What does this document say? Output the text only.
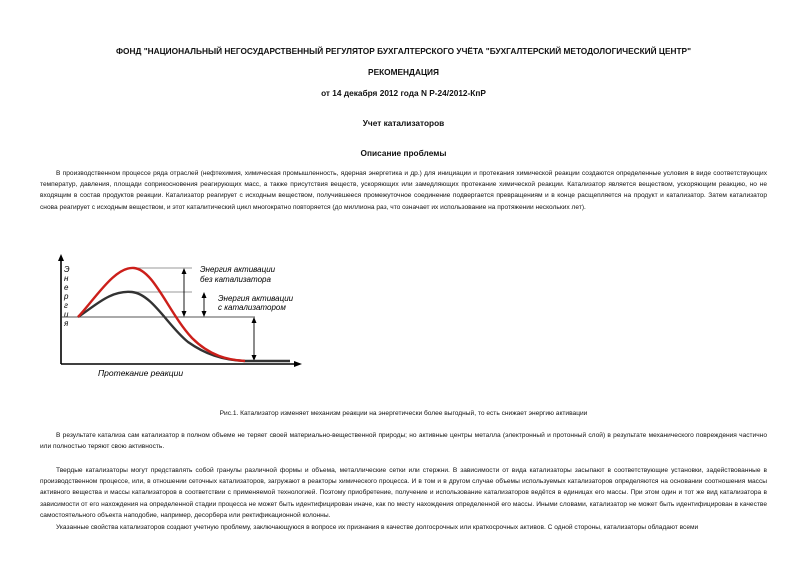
ФОНД "НАЦИОНАЛЬНЫЙ НЕГОСУДАРСТВЕННЫЙ РЕГУЛЯТОР БУХГАЛТЕРСКОГО УЧЁТА "БУХГАЛТЕРСКИЙ МЕТОДОЛОГИЧЕСКИЙ ЦЕНТР"
РЕКОМЕНДАЦИЯ
от 14 декабря 2012 года N Р-24/2012-КпР
Учет катализаторов
Описание проблемы

В производственном процессе ряда отраслей (нефтехимия, химическая промышленность, ядерная энергетика и др.) для инициации и протекания химической реакции создаются определенные условия в виде соответствующих температур, давления, площади соприкосновения реагирующих масс, а также присутствия веществ, ускоряющих или замедляющих протекание химической реакции. Катализатор является веществом, ускоряющим реакцию, но не входящим в состав продуктов реакции. Катализатор реагирует с исходным веществом, получившееся промежуточное соединение подвергается превращениям и в конце расщепляется на продукт и катализатор. Затем катализатор снова реагирует с исходным веществом, и этот каталитический цикл многократно повторяется (до миллиона раз, что означает их использование на протяжении нескольких лет).

Э н е р г и я
Энергия активации
без катализатора
Энергия активации
с катализатором
Протекание реакции
Рис.1. Катализатор изменяет механизм реакции на энергетически более выгодный, то есть снижает энергию активации

В результате катализа сам катализатор в полном объеме не теряет своей материально-вещественной природы; но активные центры металла (электронный и протонный слой) в результате механического повреждения частично или полностью теряют свою активность.

Твердые катализаторы могут представлять собой гранулы различной формы и объема, металлические сетки или стержни. В зависимости от вида катализаторы засыпают в соответствующие установки, задействованные в производственном процессе, или, в отношении сеточных катализаторов, загружают в реакторы химического процесса. И в том и в другом случае объемы используемых катализаторов определяются на основании соотношения массы активного вещества и массы катализаторов в соответствии с применяемой технологией. Поэтому приобретение, получение и использование катализаторов ведётся в единицах его массы. При этом один и тот же вид катализатора в зависимости от его нахождения на определенной стадии процесса не может быть идентифицирован иначе, как по месту нахождения определенной его массы. Иными словами, катализатор не может быть идентифицирован в качестве самостоятельного объекта наподобие, например, десорбера или ректификационной колонны.

Указанные свойства катализаторов создают учетную проблему, заключающуюся в вопросе их признания в качестве долгосрочных или краткосрочных активов. С одной стороны, катализаторы обладают всеми
